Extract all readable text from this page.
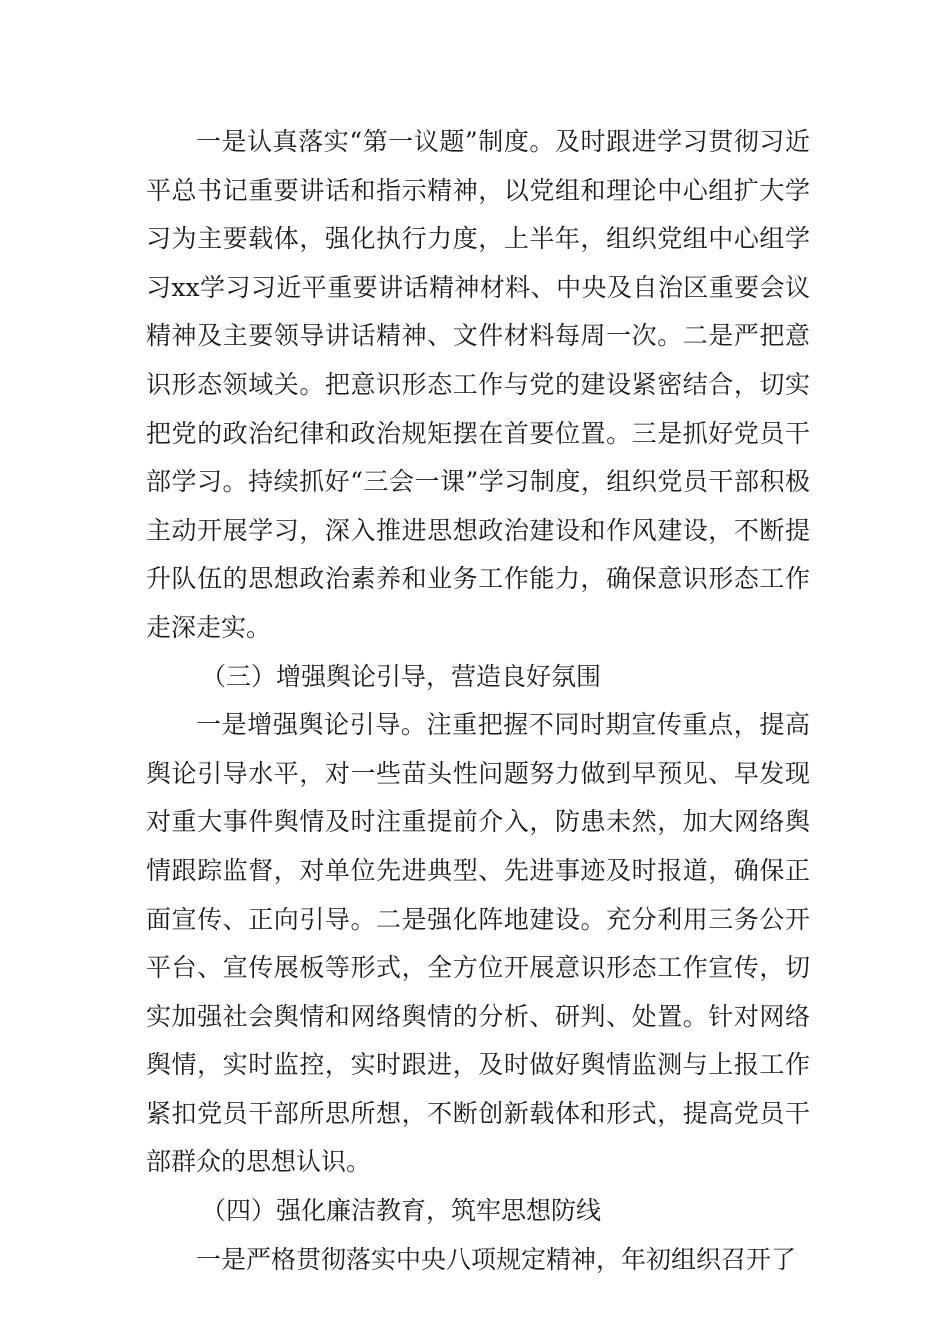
一是认真落实“第一议题”制度。及时跟进学习贯彻习近平总书记重要讲话和指示精神，以党组和理论中心组扩大学习为主要载体，强化执行力度，上半年，组织党组中心组学习xx学习习近平重要讲话精神材料、中央及自治区重要会议精神及主要领导讲话精神、文件材料每周一次。二是严把意识形态领域关。把意识形态工作与党的建设紧密结合，切实把党的政治纪律和政治规矩摆在首要位置。三是抓好党员干部学习。持续抓好“三会一课”学习制度，组织党员干部积极主动开展学习，深入推进思想政治建设和作风建设，不断提升队伍的思想政治素养和业务工作能力，确保意识形态工作走深走实。

（三）增强舆论引导，营造良好氛围

一是增强舆论引导。注重把握不同时期宣传重点，提高舆论引导水平，对一些苗头性问题努力做到早预见、早发现对重大事件舆情及时注重提前介入，防患未然，加大网络舆情跟踪监督，对单位先进典型、先进事迹及时报道，确保正面宣传、正向引导。二是强化阵地建设。充分利用三务公开平台、宣传展板等形式，全方位开展意识形态工作宣传，切实加强社会舆情和网络舆情的分析、研判、处置。针对网络舆情，实时监控，实时跟进，及时做好舆情监测与上报工作紧扣党员干部所思所想，不断创新载体和形式，提高党员干部群众的思想认识。

（四）强化廉洁教育，筑牢思想防线

一是严格贯彻落实中央八项规定精神，年初组织召开了
